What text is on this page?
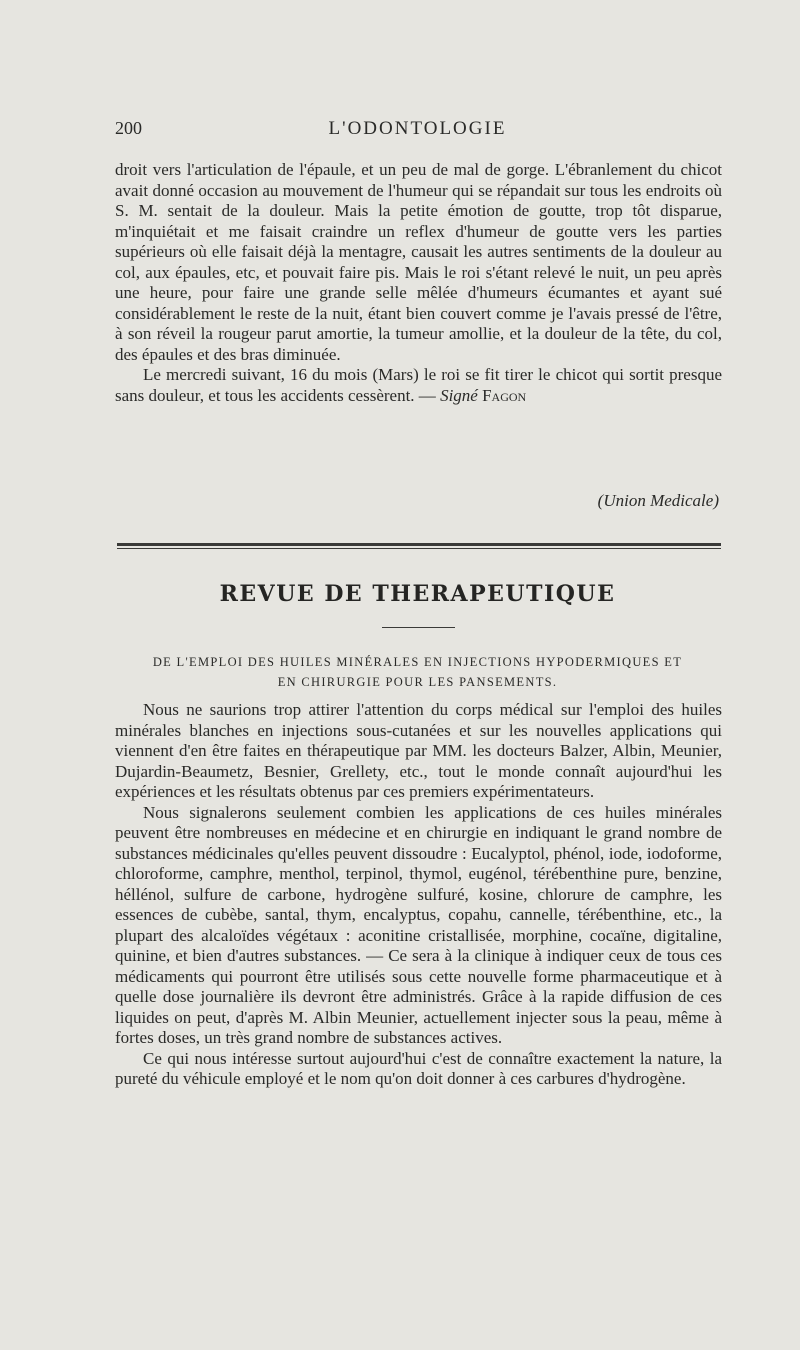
200	L'ODONTOLOGIE

droit vers l'articulation de l'épaule, et un peu de mal de gorge. L'ébranlement du chicot avait donné occasion au mouvement de l'humeur qui se répandait sur tous les endroits où S. M. sentait de la douleur. Mais la petite émotion de goutte, trop tôt disparue, m'inquiétait et me faisait craindre un reflex d'humeur de goutte vers les parties supérieurs où elle faisait déjà la mentagre, causait les autres sentiments de la douleur au col, aux épaules, etc, et pouvait faire pis. Mais le roi s'étant relevé le nuit, un peu après une heure, pour faire une grande selle mêlée d'humeurs écumantes et ayant sué considérablement le reste de la nuit, étant bien couvert comme je l'avais pressé de l'être, à son réveil la rougeur parut amortie, la tumeur amollie, et la douleur de la tête, du col, des épaules et des bras diminuée.

Le mercredi suivant, 16 du mois (Mars) le roi se fit tirer le chicot qui sortit presque sans douleur, et tous les accidents cessèrent. — Signé Fagon

(Union Medicale)
REVUE DE THERAPEUTIQUE
DE L'EMPLOI DES HUILES MINÉRALES EN INJECTIONS HYPODERMIQUES ET
EN CHIRURGIE POUR LES PANSEMENTS.

Nous ne saurions trop attirer l'attention du corps médical sur l'emploi des huiles minérales blanches en injections sous-cutanées et sur les nouvelles applications qui viennent d'en être faites en thérapeutique par MM. les docteurs Balzer, Albin, Meunier, Dujardin-Beaumetz, Besnier, Grellety, etc., tout le monde connaît aujourd'hui les expériences et les résultats obtenus par ces premiers expérimentateurs.

Nous signalerons seulement combien les applications de ces huiles minérales peuvent être nombreuses en médecine et en chirurgie en indiquant le grand nombre de substances médicinales qu'elles peuvent dissoudre : Eucalyptol, phénol, iode, iodoforme, chloroforme, camphre, menthol, terpinol, thymol, eugénol, térébenthine pure, benzine, héllénol, sulfure de carbone, hydrogène sulfuré, kosine, chlorure de camphre, les essences de cubèbe, santal, thym, encalyptus, copahu, cannelle, térébenthine, etc., la plupart des alcaloïdes végétaux : aconitine cristallisée, morphine, cocaïne, digitaline, quinine, et bien d'autres substances. — Ce sera à la clinique à indiquer ceux de tous ces médicaments qui pourront être utilisés sous cette nouvelle forme pharmaceutique et à quelle dose journalière ils devront être administrés. Grâce à la rapide diffusion de ces liquides on peut, d'après M. Albin Meunier, actuellement injecter sous la peau, même à fortes doses, un très grand nombre de substances actives.

Ce qui nous intéresse surtout aujourd'hui c'est de connaître exactement la nature, la pureté du véhicule employé et le nom qu'on doit donner à ces carbures d'hydrogène.
